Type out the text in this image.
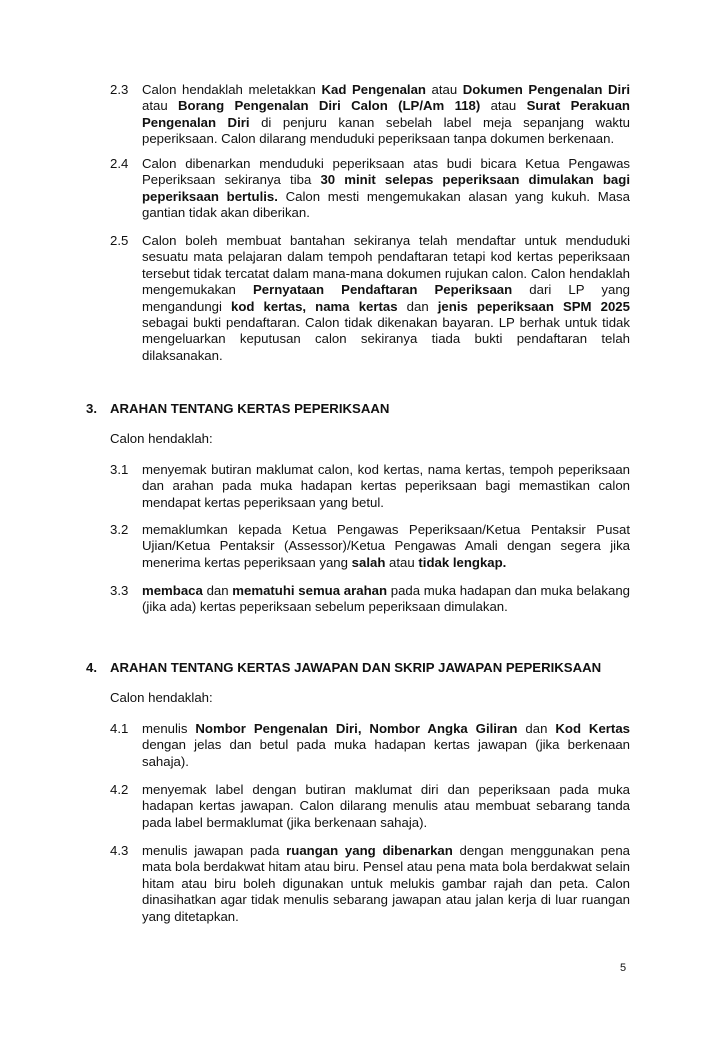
2.3	Calon hendaklah meletakkan Kad Pengenalan atau Dokumen Pengenalan Diri atau Borang Pengenalan Diri Calon (LP/Am 118) atau Surat Perakuan Pengenalan Diri di penjuru kanan sebelah label meja sepanjang waktu peperiksaan. Calon dilarang menduduki peperiksaan tanpa dokumen berkenaan.
2.4	Calon dibenarkan menduduki peperiksaan atas budi bicara Ketua Pengawas Peperiksaan sekiranya tiba 30 minit selepas peperiksaan dimulakan bagi peperiksaan bertulis. Calon mesti mengemukakan alasan yang kukuh. Masa gantian tidak akan diberikan.
2.5	Calon boleh membuat bantahan sekiranya telah mendaftar untuk menduduki sesuatu mata pelajaran dalam tempoh pendaftaran tetapi kod kertas peperiksaan tersebut tidak tercatat dalam mana-mana dokumen rujukan calon. Calon hendaklah mengemukakan Pernyataan Pendaftaran Peperiksaan dari LP yang mengandungi kod kertas, nama kertas dan jenis peperiksaan SPM 2025 sebagai bukti pendaftaran. Calon tidak dikenakan bayaran. LP berhak untuk tidak mengeluarkan keputusan calon sekiranya tiada bukti pendaftaran telah dilaksanakan.
3. ARAHAN TENTANG KERTAS PEPERIKSAAN
Calon hendaklah:
3.1	menyemak butiran maklumat calon, kod kertas, nama kertas, tempoh peperiksaan dan arahan pada muka hadapan kertas peperiksaan bagi memastikan calon mendapat kertas peperiksaan yang betul.
3.2	memaklumkan kepada Ketua Pengawas Peperiksaan/Ketua Pentaksir Pusat Ujian/Ketua Pentaksir (Assessor)/Ketua Pengawas Amali dengan segera jika menerima kertas peperiksaan yang salah atau tidak lengkap.
3.3	membaca dan mematuhi semua arahan pada muka hadapan dan muka belakang (jika ada) kertas peperiksaan sebelum peperiksaan dimulakan.
4. ARAHAN TENTANG KERTAS JAWAPAN DAN SKRIP JAWAPAN PEPERIKSAAN
Calon hendaklah:
4.1	menulis Nombor Pengenalan Diri, Nombor Angka Giliran dan Kod Kertas dengan jelas dan betul pada muka hadapan kertas jawapan (jika berkenaan sahaja).
4.2	menyemak label dengan butiran maklumat diri dan peperiksaan pada muka hadapan kertas jawapan. Calon dilarang menulis atau membuat sebarang tanda pada label bermaklumat (jika berkenaan sahaja).
4.3	menulis jawapan pada ruangan yang dibenarkan dengan menggunakan pena mata bola berdakwat hitam atau biru. Pensel atau pena mata bola berdakwat selain hitam atau biru boleh digunakan untuk melukis gambar rajah dan peta. Calon dinasihatkan agar tidak menulis sebarang jawapan atau jalan kerja di luar ruangan yang ditetapkan.
5
